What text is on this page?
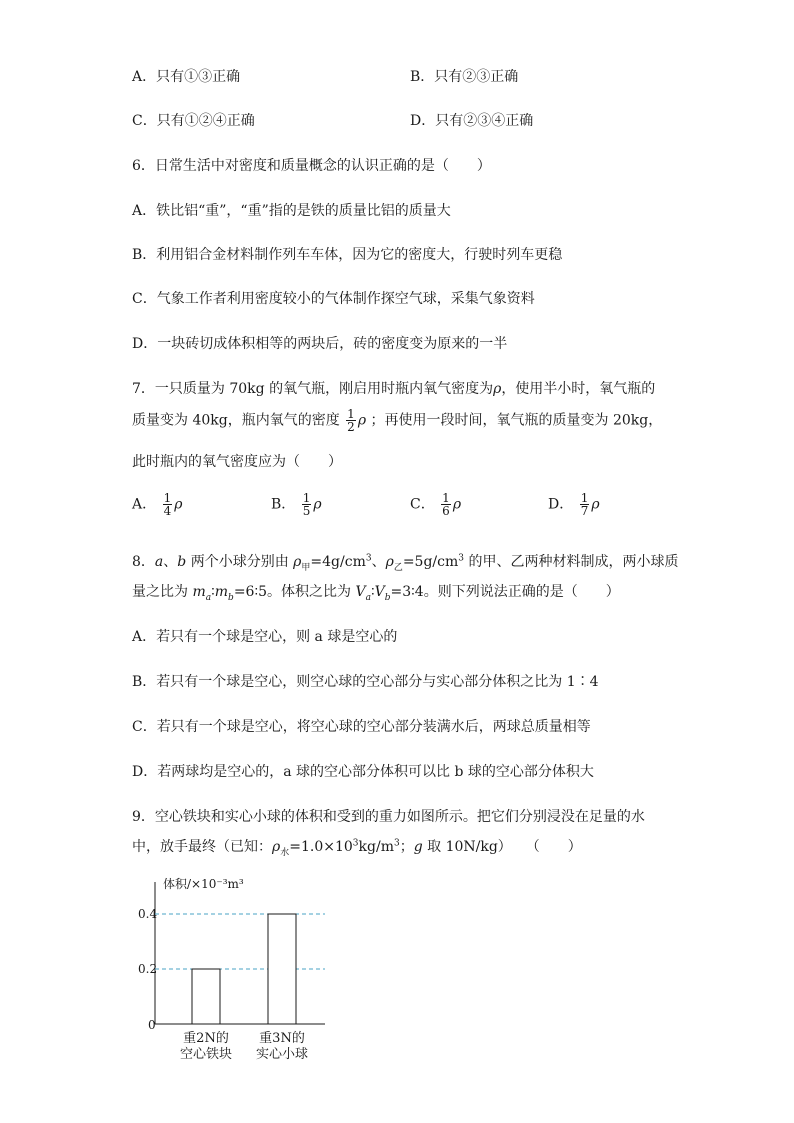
A．只有①③正确	B．只有②③正确
C．只有①②④正确	D．只有②③④正确
6．日常生活中对密度和质量概念的认识正确的是（　　）
A．铁比铝“重”，“重”指的是铁的质量比铝的质量大
B．利用铝合金材料制作列车车体，因为它的密度大，行驶时列车更稳
C．气象工作者利用密度较小的气体制作探空气球，采集气象资料
D．一块砖切成体积相等的两块后，砖的密度变为原来的一半
7．一只质量为 70kg 的氧气瓶，刚启用时瓶内氧气密度为ρ，使用半小时，氧气瓶的
质量变为 40kg，瓶内氧气的密度 $\frac{1}{2}$ ρ ；再使用一段时间，氧气瓶的质量变为 20kg，
此时瓶内的氧气密度应为（　　）
A． $\frac{1}{4}$ ρ	B． $\frac{1}{5}$ ρ	C． $\frac{1}{6}$ ρ	D． $\frac{1}{7}$ ρ
8．a、b 两个小球分别由 $\rho_甲=4g/cm^3$、$\rho_乙=5g/cm^3$ 的甲、乙两种材料制成，两小球质
量之比为 $m_a∶m_b=6∶5$。体积之比为 $V_a∶V_b=3∶4$。则下列说法正确的是（　　）
A．若只有一个球是空心，则 a 球是空心的
B．若只有一个球是空心，则空心球的空心部分与实心部分体积之比为 1∶4
C．若只有一个球是空心，将空心球的空心部分装满水后，两球总质量相等
D．若两球均是空心的，a 球的空心部分体积可以比 b 球的空心部分体积大
9．空心铁块和实心小球的体积和受到的重力如图所示。把它们分别浸没在足量的水
中，放手最终（已知：$\rho_水=1.0\times 10^3kg/m^3$；g 取 10N/kg）　　（　　）
体积/×10⁻³m³
0
0.2
0.4
重2N的
空心铁块
重3N的
实心小球
